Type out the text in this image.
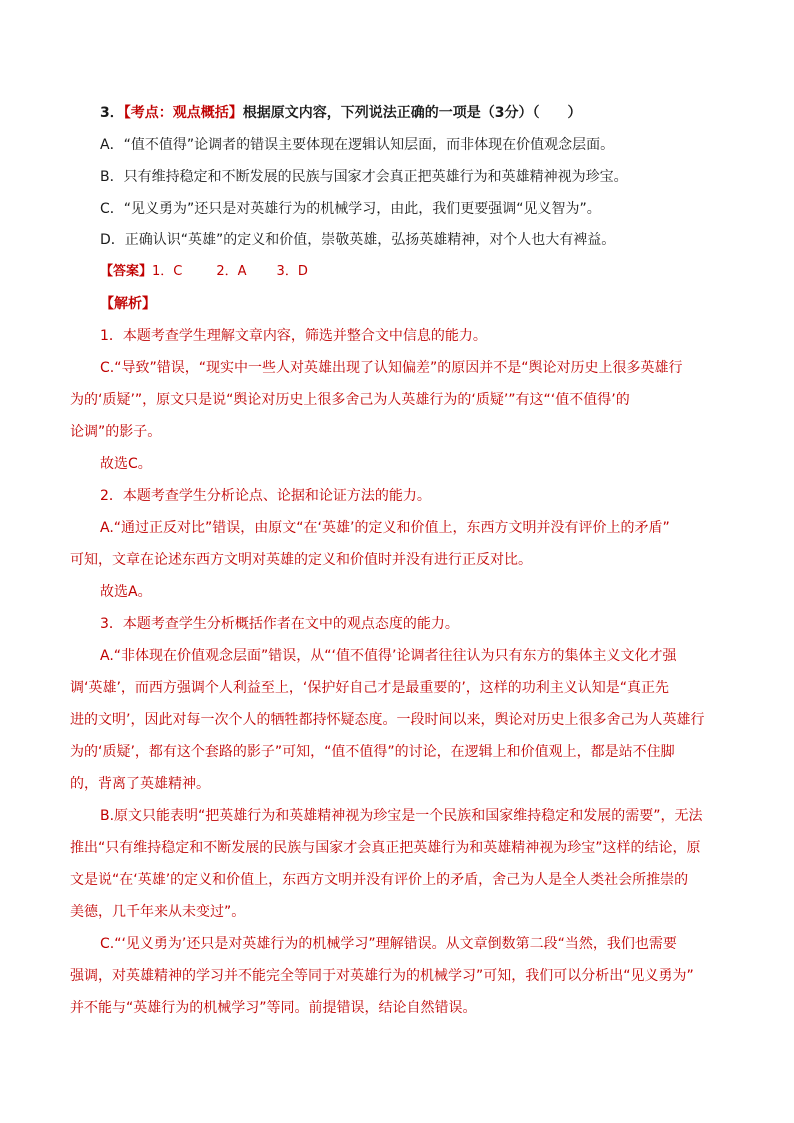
3．【考点：观点概括】根据原文内容，下列说法正确的一项是（3分）（　　）
A．“值不值得”论调者的错误主要体现在逻辑认知层面，而非体现在价值观念层面。
B．只有维持稳定和不断发展的民族与国家才会真正把英雄行为和英雄精神视为珍宝。
C．“见义勇为”还只是对英雄行为的机械学习，由此，我们更要强调“见义智为”。
D．正确认识“英雄”的定义和价值，崇敬英雄，弘扬英雄精神，对个人也大有裨益。
【答案】1．C	2．A 3．D
【解析】
1．本题考查学生理解文章内容，筛选并整合文中信息的能力。
C.“导致”错误，“现实中一些人对英雄出现了认知偏差”的原因并不是“舆论对历史上很多英雄行
为的‘质疑’”，原文只是说“舆论对历史上很多舍己为人英雄行为的‘质疑’”有这“‘值不值得’的
论调”的影子。
故选C。
2．本题考查学生分析论点、论据和论证方法的能力。
A.“通过正反对比”错误，由原文“在‘英雄’的定义和价值上，东西方文明并没有评价上的矛盾”
可知，文章在论述东西方文明对英雄的定义和价值时并没有进行正反对比。
故选A。
3．本题考查学生分析概括作者在文中的观点态度的能力。
A.“非体现在价值观念层面”错误，从“‘值不值得’论调者往往认为只有东方的集体主义文化才强
调‘英雄’，而西方强调个人利益至上，‘保护好自己才是最重要的’，这样的功利主义认知是“真正先
进的文明’，因此对每一次个人的牺牲都持怀疑态度。一段时间以来，舆论对历史上很多舍己为人英雄行
为的‘质疑’，都有这个套路的影子”可知，“值不值得”的讨论，在逻辑上和价值观上，都是站不住脚
的，背离了英雄精神。
B.原文只能表明“把英雄行为和英雄精神视为珍宝是一个民族和国家维持稳定和发展的需要”，无法
推出“只有维持稳定和不断发展的民族与国家才会真正把英雄行为和英雄精神视为珍宝”这样的结论，原
文是说“在‘英雄’的定义和价值上，东西方文明并没有评价上的矛盾，舍己为人是全人类社会所推崇的
美德，几千年来从未变过”。
C.“‘见义勇为’还只是对英雄行为的机械学习”理解错误。从文章倒数第二段“当然，我们也需要
强调，对英雄精神的学习并不能完全等同于对英雄行为的机械学习”可知，我们可以分析出“见义勇为”
并不能与“英雄行为的机械学习”等同。前提错误，结论自然错误。
